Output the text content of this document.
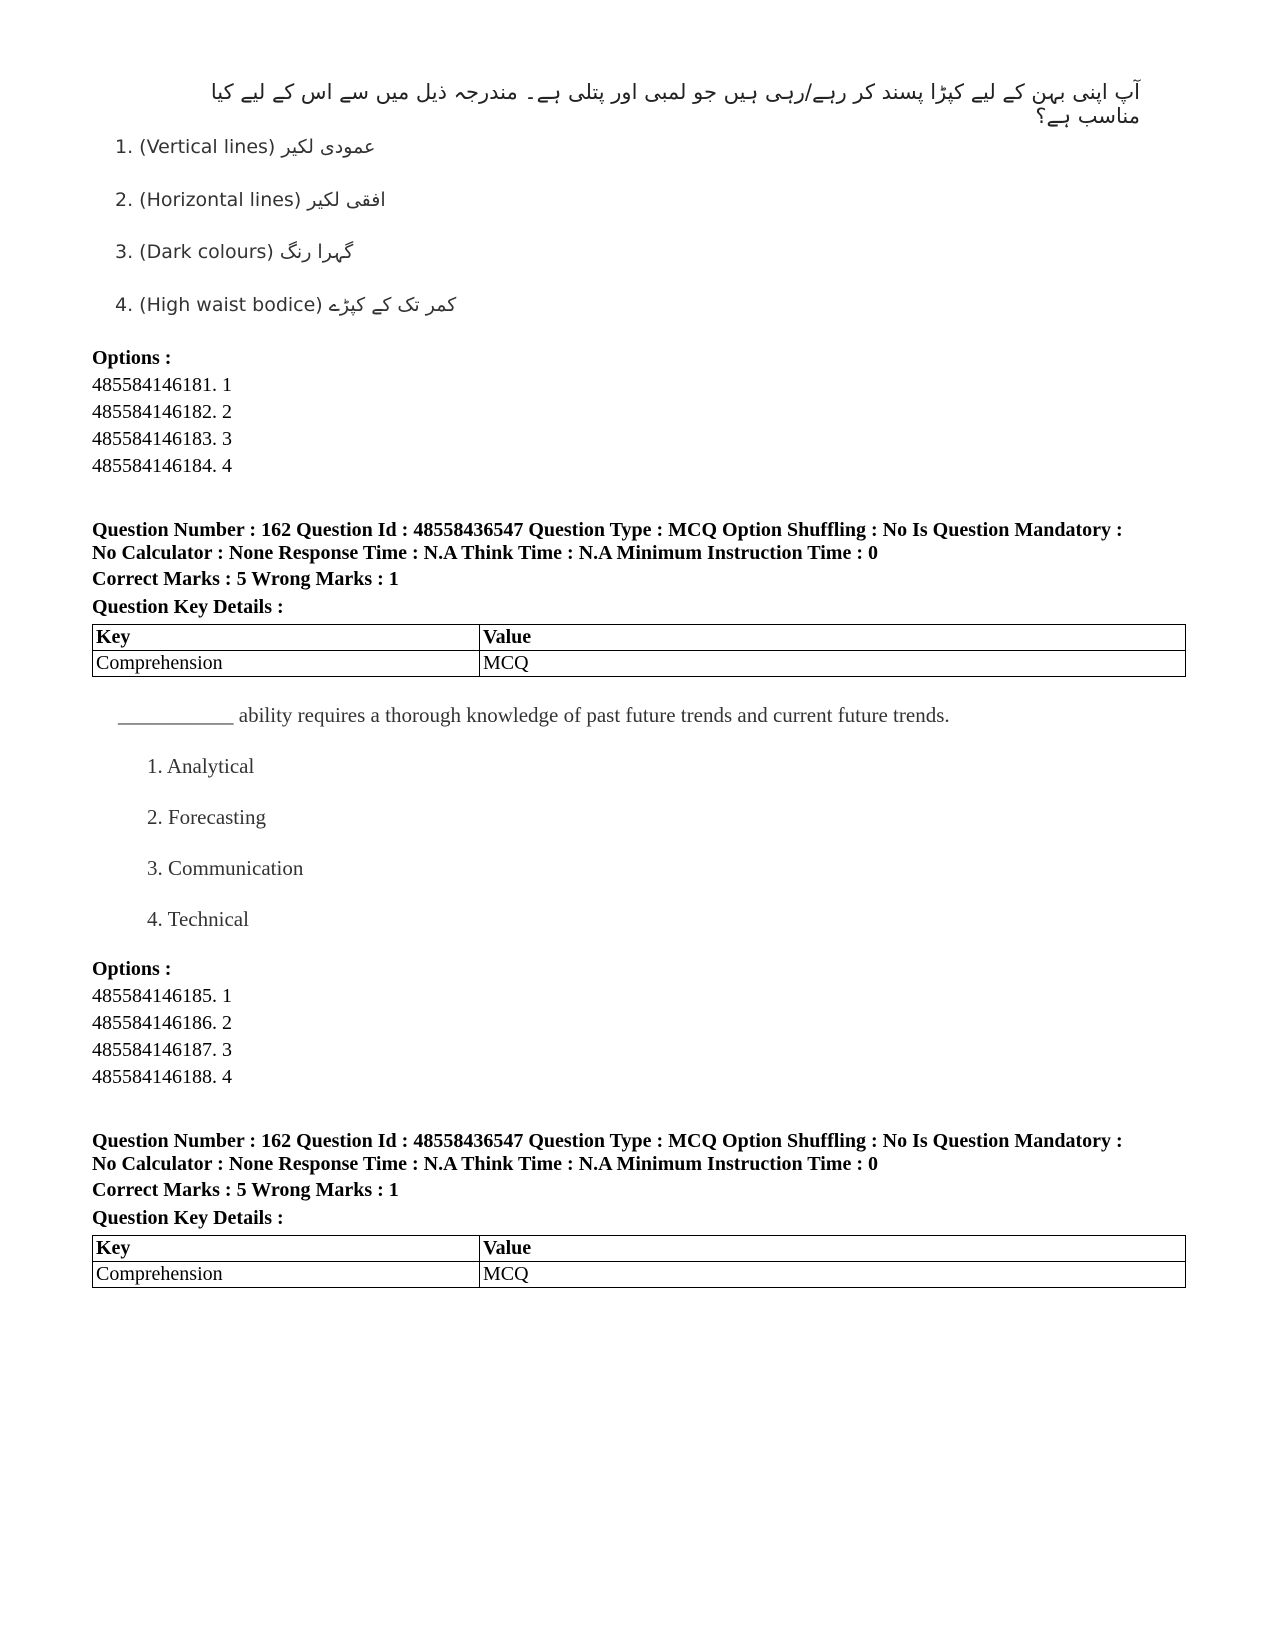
آپ اپنی بہن کے لیے کپڑا پسند کر رہے/رہی ہیں جو لمبی اور پتلی ہے۔ مندرجہ ذیل میں سے اس کے لیے کیا مناسب ہے؟
1. (Vertical lines) عمودی لکیر
2. (Horizontal lines) افقی لکیر
3. (Dark colours) گہرا رنگ
4. (High waist bodice) کمر تک کے کپڑے
Options :
485584146181. 1
485584146182. 2
485584146183. 3
485584146184. 4
Question Number : 162 Question Id : 48558436547 Question Type : MCQ Option Shuffling : No Is Question Mandatory :
No Calculator : None Response Time : N.A Think Time : N.A Minimum Instruction Time : 0
Correct Marks : 5 Wrong Marks : 1
Question Key Details :
Key	Value
Comprehension	MCQ
___________ ability requires a thorough knowledge of past future trends and current future trends.
1. Analytical
2. Forecasting
3. Communication
4. Technical
Options :
485584146185. 1
485584146186. 2
485584146187. 3
485584146188. 4
Question Number : 162 Question Id : 48558436547 Question Type : MCQ Option Shuffling : No Is Question Mandatory :
No Calculator : None Response Time : N.A Think Time : N.A Minimum Instruction Time : 0
Correct Marks : 5 Wrong Marks : 1
Question Key Details :
Key	Value
Comprehension	MCQ
